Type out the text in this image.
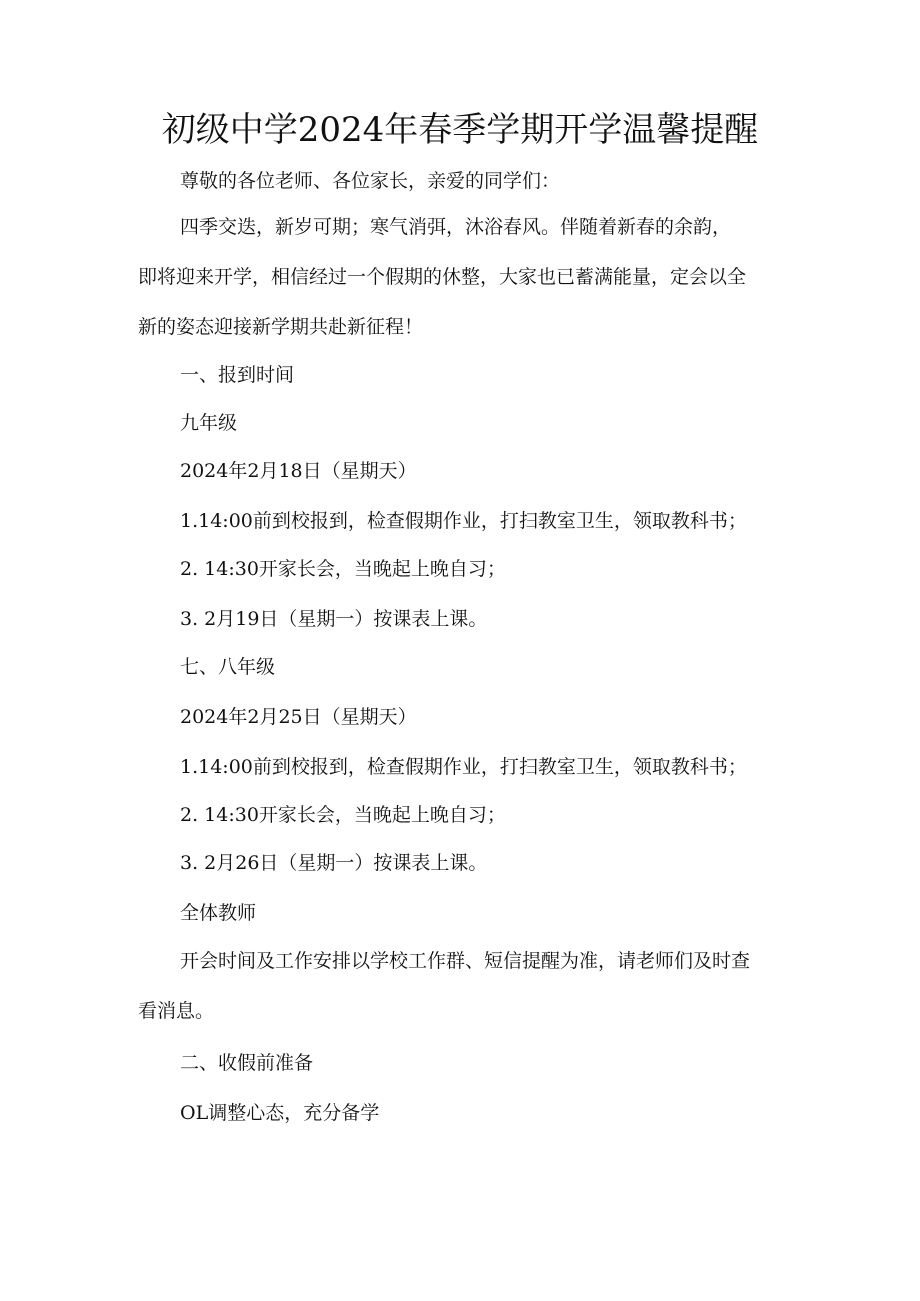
初级中学2024年春季学期开学温馨提醒
尊敬的各位老师、各位家长，亲爱的同学们：
四季交迭，新岁可期；寒气消弭，沐浴春风。伴随着新春的余韵，
即将迎来开学，相信经过一个假期的休整，大家也已蓄满能量，定会以全
新的姿态迎接新学期共赴新征程！
一、报到时间
九年级
2024年2月18日（星期天）
1.14:00前到校报到，检查假期作业，打扫教室卫生，领取教科书；
2. 14:30开家长会，当晚起上晚自习；
3. 2月19日（星期一）按课表上课。
七、八年级
2024年2月25日（星期天）
1.14:00前到校报到，检查假期作业，打扫教室卫生，领取教科书；
2. 14:30开家长会，当晚起上晚自习；
3. 2月26日（星期一）按课表上课。
全体教师
开会时间及工作安排以学校工作群、短信提醒为准，请老师们及时查
看消息。
二、收假前准备
OL调整心态，充分备学
